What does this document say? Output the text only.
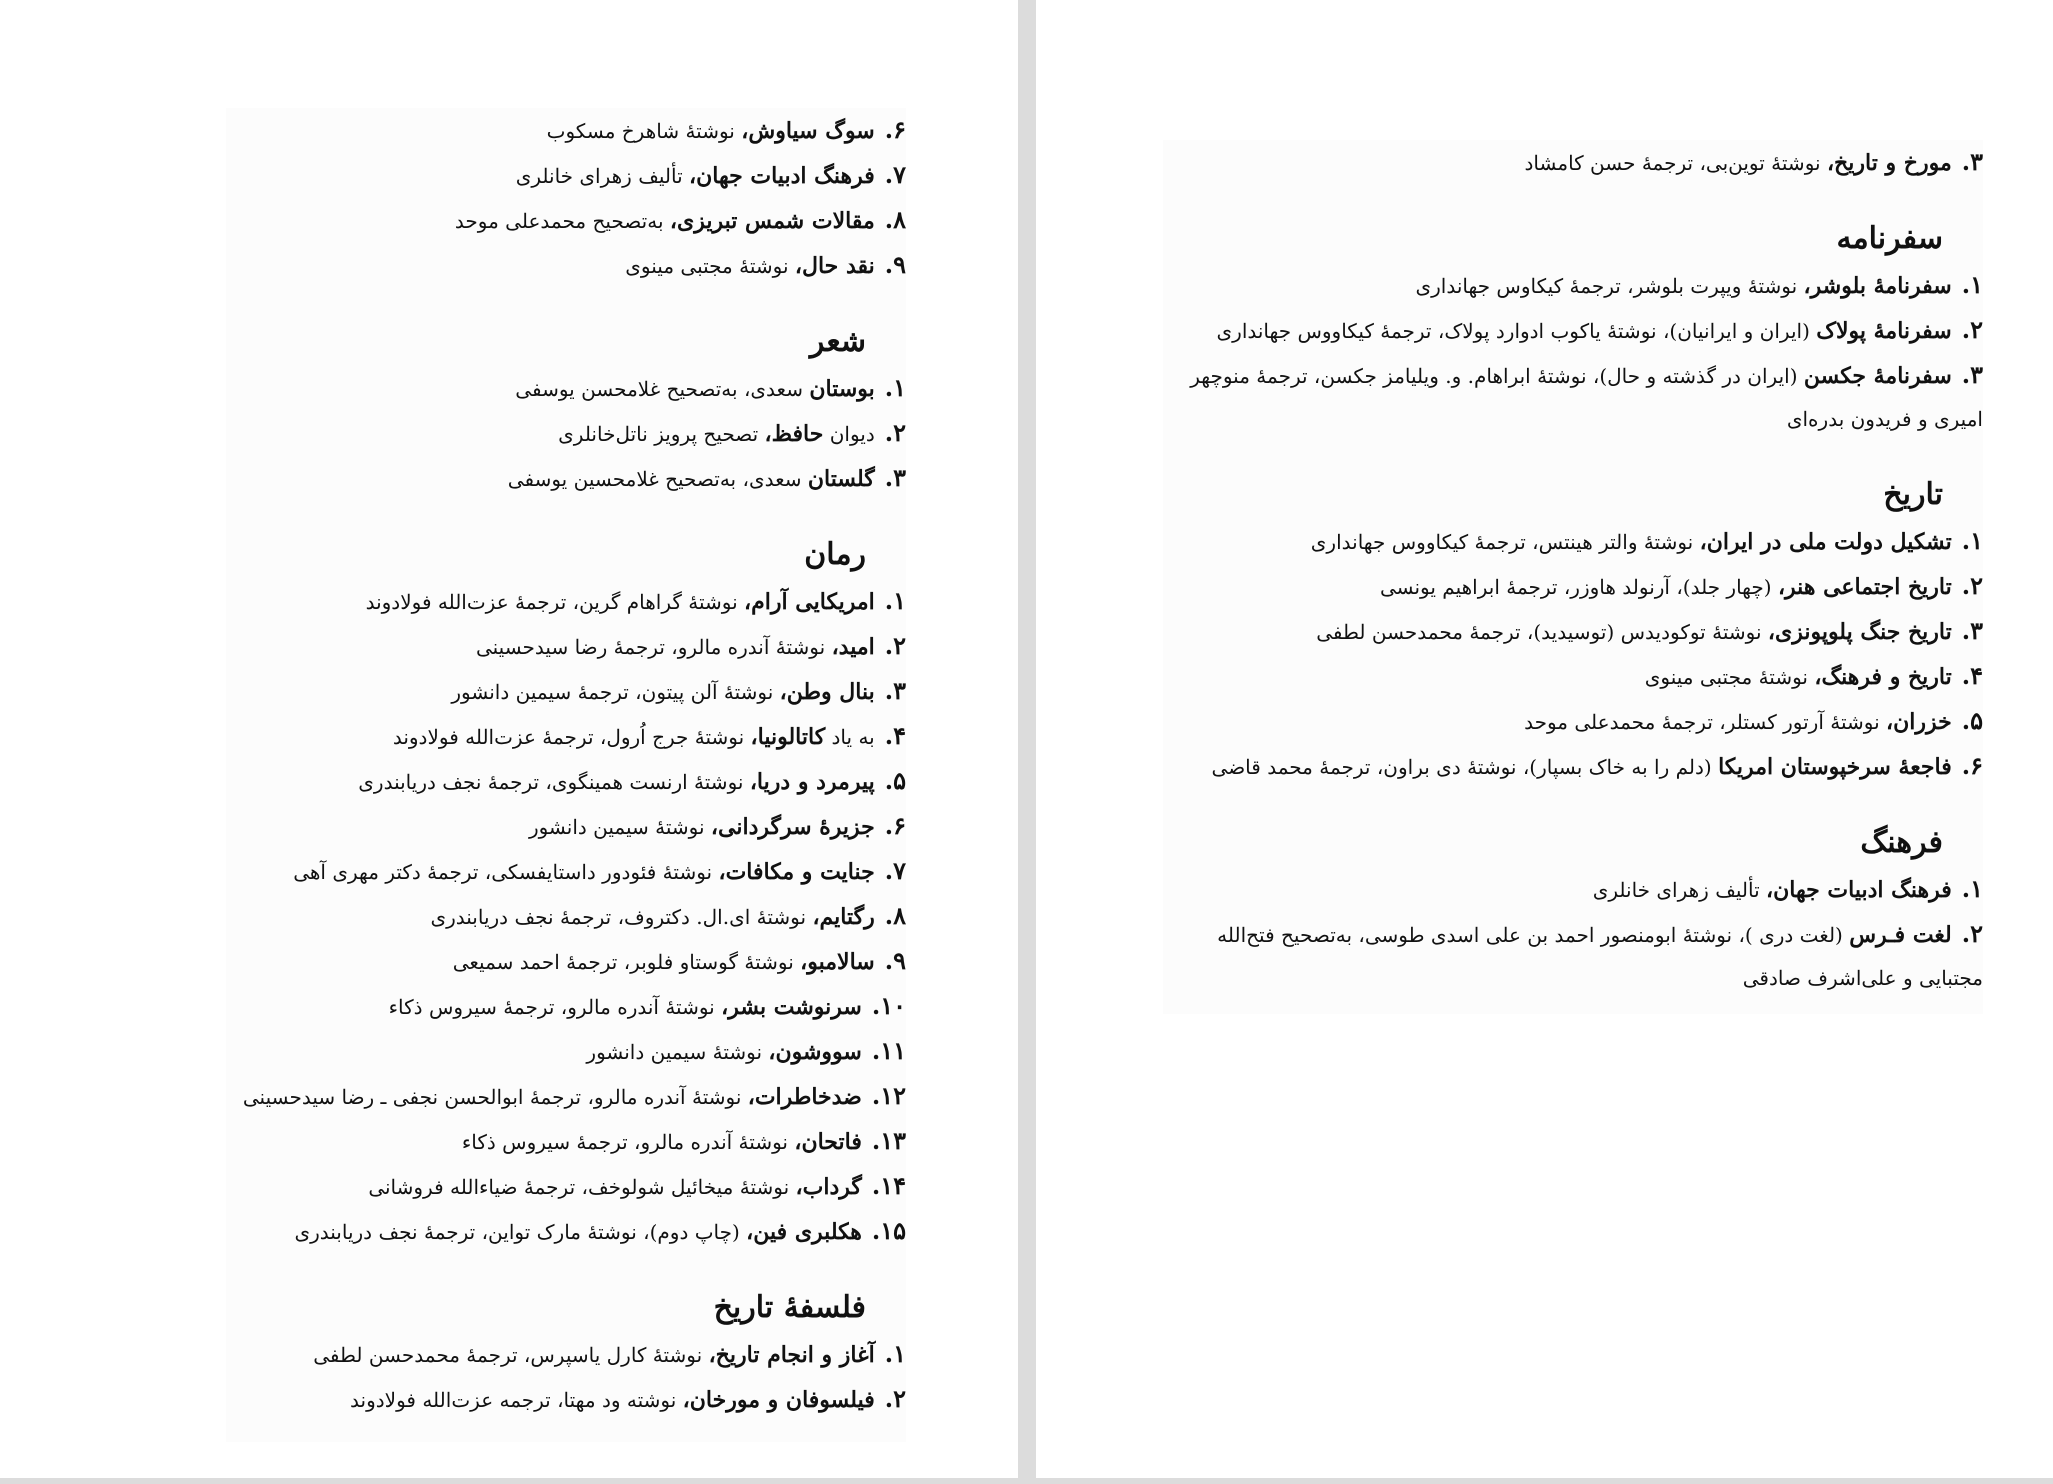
۶.سوگ سیاوش، نوشتهٔ شاهرخ مسکوب
۷.فرهنگ ادبیات جهان، تألیف زهرای خانلری
۸.مقالات شمس تبریزی، به‌تصحیح محمدعلی موحد
۹.نقد حال، نوشتهٔ مجتبی مینوی
شعر
۱.بوستان سعدی، به‌تصحیح غلامحسن یوسفی
۲.دیوان حافظ، تصحیح پرویز ناتل‌خانلری
۳.گلستان سعدی، به‌تصحیح غلامحسین یوسفی
رمان
۱.امریکایی آرام، نوشتهٔ گراهام گرین، ترجمهٔ عزت‌الله فولادوند
۲.امید، نوشتهٔ آندره مالرو، ترجمهٔ رضا سیدحسینی
۳.بنال وطن، نوشتهٔ آلن پیتون، ترجمهٔ سیمین دانشور
۴.به یاد کاتالونیا، نوشتهٔ جرج اُرول، ترجمهٔ عزت‌الله فولادوند
۵.پیرمرد و دریا، نوشتهٔ ارنست همینگوی، ترجمهٔ نجف دریابندری
۶.جزیرهٔ سرگردانی، نوشتهٔ سیمین دانشور
۷.جنایت و مکافات، نوشتهٔ فئودور داستایفسکی، ترجمهٔ دکتر مهری آهی
۸.رگتایم، نوشتهٔ ای.ال. دکتروف، ترجمهٔ نجف دریابندری
۹.سالامبو، نوشتهٔ گوستاو فلوبر، ترجمهٔ احمد سمیعی
۱۰.سرنوشت بشر، نوشتهٔ آندره مالرو، ترجمهٔ سیروس ذکاء
۱۱.سووشون، نوشتهٔ سیمین دانشور
۱۲.ضدخاطرات، نوشتهٔ آندره مالرو، ترجمهٔ ابوالحسن نجفی ـ رضا سیدحسینی
۱۳.فاتحان، نوشتهٔ آندره مالرو، ترجمهٔ سیروس ذکاء
۱۴.گرداب، نوشتهٔ میخائیل شولوخف، ترجمهٔ ضیاءالله فروشانی
۱۵.هکلبری فین، (چاپ دوم)، نوشتهٔ مارک تواین، ترجمهٔ نجف دریابندری
فلسفهٔ تاریخ
۱.آغاز و انجام تاریخ، نوشتهٔ کارل یاسپرس، ترجمهٔ محمدحسن لطفی
۲.فیلسوفان و مورخان، نوشته ود مهتا، ترجمه عزت‌الله فولادوند
۳.مورخ و تاریخ، نوشتهٔ توین‌بی، ترجمهٔ حسن کامشاد
سفرنامه
۱.سفرنامهٔ بلوشر، نوشتهٔ ویپرت بلوشر، ترجمهٔ کیکاوس جهانداری
۲.سفرنامهٔ پولاک (ایران و ایرانیان)، نوشتهٔ یاکوب ادوارد پولاک، ترجمهٔ کیکاووس جهانداری
۳.سفرنامهٔ جکسن (ایران در گذشته و حال)، نوشتهٔ ابراهام. و. ویلیامز جکسن، ترجمهٔ منوچهر امیری و فریدون بدره‌ای
تاریخ
۱.تشکیل دولت ملی در ایران، نوشتهٔ والتر هینتس، ترجمهٔ کیکاووس جهانداری
۲.تاریخ اجتماعی هنر، (چهار جلد)، آرنولد هاوزر، ترجمهٔ ابراهیم یونسی
۳.تاریخ جنگ پلوپونزی، نوشتهٔ توکودیدس (توسیدید)، ترجمهٔ محمدحسن لطفی
۴.تاریخ و فرهنگ، نوشتهٔ مجتبی مینوی
۵.خزران، نوشتهٔ آرتور کستلر، ترجمهٔ محمدعلی موحد
۶.فاجعهٔ سرخپوستان امریکا (دلم را به خاک بسپار)، نوشتهٔ دی براون، ترجمهٔ محمد قاضی
فرهنگ
۱.فرهنگ ادبیات جهان، تألیف زهرای خانلری
۲.لغت فـرس (لغت دری )، نوشتهٔ ابومنصور احمد بن علی اسدی طوسی، به‌تصحیح فتح‌الله مجتبایی و علی‌اشرف صادقی
